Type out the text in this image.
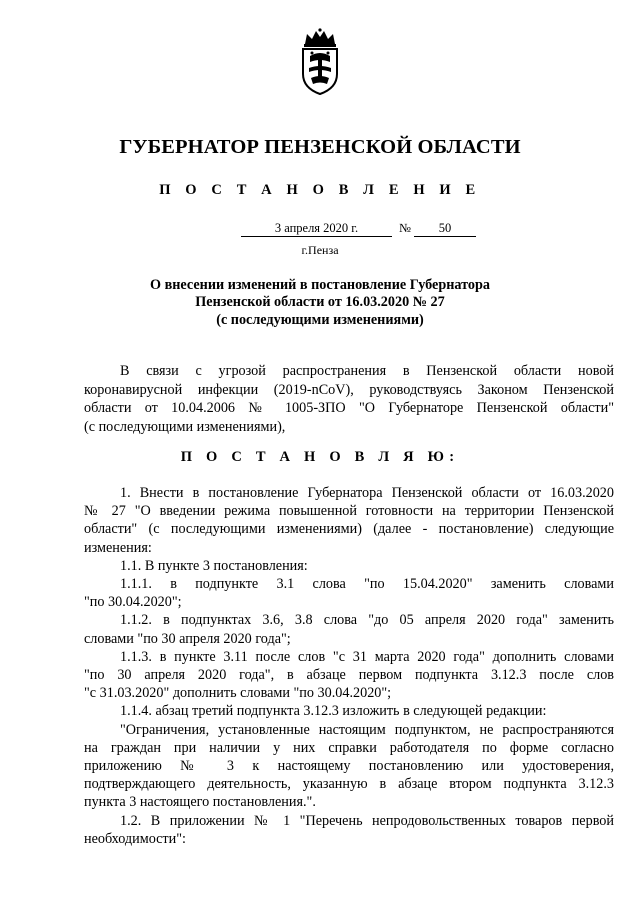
ГУБЕРНАТОР ПЕНЗЕНСКОЙ ОБЛАСТИ
П О С Т А Н О В Л Е Н И Е
3 апреля 2020 г.	№	50
г.Пенза
О внесении изменений в постановление Губернатора
Пензенской области от 16.03.2020 № 27
(с последующими изменениями)
В связи с угрозой распространения в Пензенской области новой
коронавирусной инфекции (2019-nCoV), руководствуясь Законом Пензенской
области от 10.04.2006 № 1005-ЗПО "О Губернаторе Пензенской области"
(с последующими изменениями),
П О С Т А Н О В Л Я Ю:
1. Внести в постановление Губернатора Пензенской области от 16.03.2020
№ 27 "О введении режима повышенной готовности на территории Пензенской
области" (с последующими изменениями) (далее - постановление) следующие
изменения:
1.1. В пункте 3 постановления:
1.1.1. в подпункте 3.1 слова "по 15.04.2020" заменить словами
"по 30.04.2020";
1.1.2. в подпунктах 3.6, 3.8 слова "до 05 апреля 2020 года" заменить
словами "по 30 апреля 2020 года";
1.1.3. в пункте 3.11 после слов "с 31 марта 2020 года" дополнить словами
"по 30 апреля 2020 года", в абзаце первом подпункта 3.12.3 после слов
"с 31.03.2020" дополнить словами "по 30.04.2020";
1.1.4. абзац третий подпункта 3.12.3 изложить в следующей редакции:
"Ограничения, установленные настоящим подпунктом, не распространяются
на граждан при наличии у них справки работодателя по форме согласно
приложению № 3 к настоящему постановлению или удостоверения,
подтверждающего деятельность, указанную в абзаце втором подпункта 3.12.3
пункта 3 настоящего постановления.".
1.2. В приложении № 1 "Перечень непродовольственных товаров первой
необходимости":
